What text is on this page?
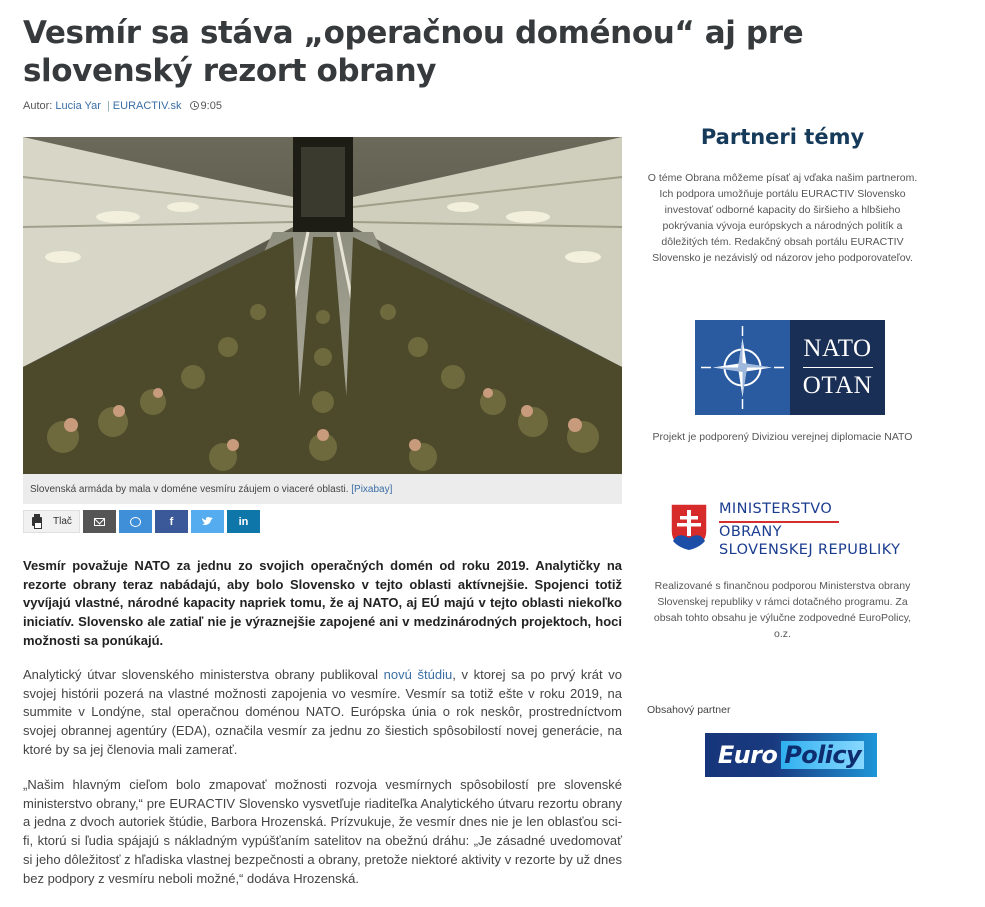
Vesmír sa stáva „operačnou doménou“ aj pre slovenský rezort obrany
Autor: Lucia Yar | EURACTIV.sk 9:05
Slovenská armáda by mala v doméne vesmíru záujem o viaceré oblasti. [Pixabay]
Tlač	f	in

Vesmír považuje NATO za jednu zo svojich operačných domén od roku 2019. Analytičky na rezorte obrany teraz nabádajú, aby bolo Slovensko v tejto oblasti aktívnejšie. Spojenci totiž vyvíjajú vlastné, národné kapacity napriek tomu, že aj NATO, aj EÚ majú v tejto oblasti niekoľko iniciatív. Slovensko ale zatiaľ nie je výraznejšie zapojené ani v medzinárodných projektoch, hoci možnosti sa ponúkajú.

Analytický útvar slovenského ministerstva obrany publikoval novú štúdiu, v ktorej sa po prvý krát vo svojej histórii pozerá na vlastné možnosti zapojenia vo vesmíre. Vesmír sa totiž ešte v roku 2019, na summite v Londýne, stal operačnou doménou NATO. Európska únia o rok neskôr, prostredníctvom svojej obrannej agentúry (EDA), označila vesmír za jednu zo šiestich spôsobilostí novej generácie, na ktoré by sa jej členovia mali zamerať.

„Našim hlavným cieľom bolo zmapovať možnosti rozvoja vesmírnych spôsobilostí pre slovenské ministerstvo obrany,“ pre EURACTIV Slovensko vysvetľuje riaditeľka Analytického útvaru rezortu obrany a jedna z dvoch autoriek štúdie, Barbora Hrozenská. Prízvukuje, že vesmír dnes nie je len oblasťou sci-fi, ktorú si ľudia spájajú s nákladným vypúšťaním satelitov na obežnú dráhu: „Je zásadné uvedomovať si jeho dôležitosť z hľadiska vlastnej bezpečnosti a obrany, pretože niektoré aktivity v rezorte by už dnes bez podpory z vesmíru neboli možné,“ dodáva Hrozenská.

Partneri témy

O téme Obrana môžeme písať aj vďaka našim partnerom. Ich podpora umožňuje portálu EURACTIV Slovensko investovať odborné kapacity do širšieho a hlbšieho pokrývania vývoja európskych a národných politík a dôležitých tém. Redakčný obsah portálu EURACTIV Slovensko je nezávislý od názorov jeho podporovateľov.

NATO
OTAN

Projekt je podporený Diviziou verejnej diplomacie NATO

MINISTERSTVO
OBRANY
SLOVENSKEJ REPUBLIKY

Realizované s finančnou podporou Ministerstva obrany Slovenskej republiky v rámci dotačného programu. Za obsah tohto obsahu je výlučne zodpovedné EuroPolicy, o.z.

Obsahový partner
Euro Policy
